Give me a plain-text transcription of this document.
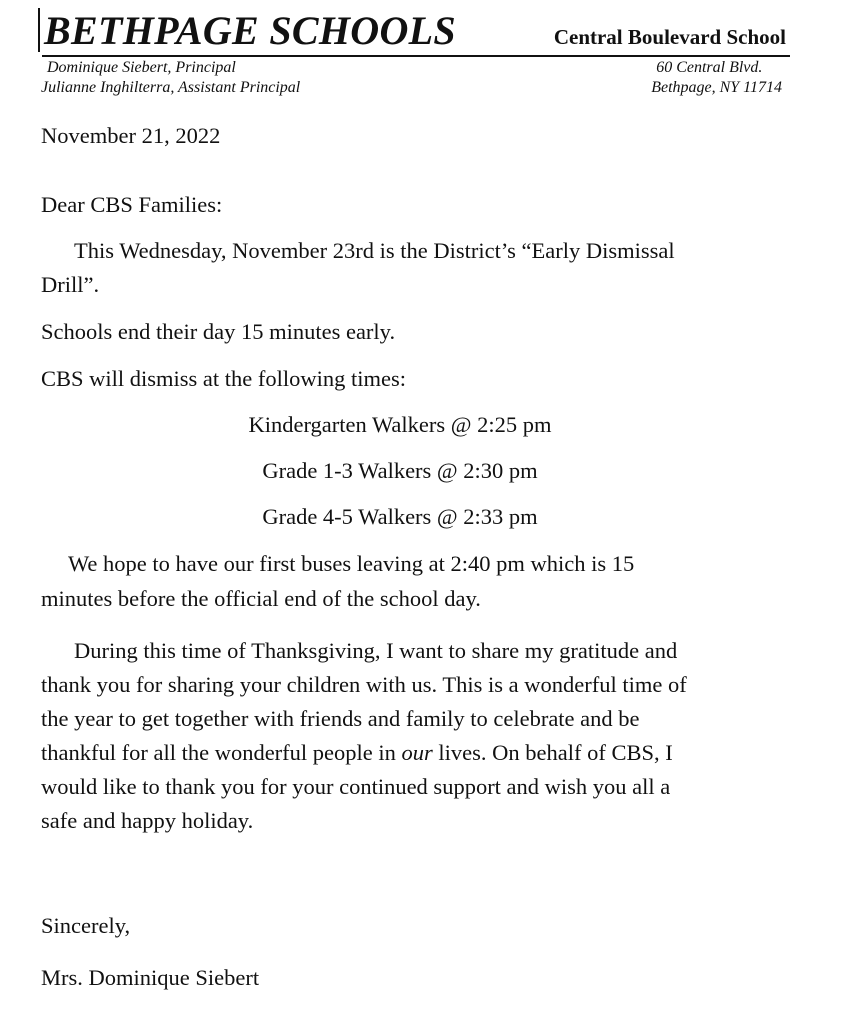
BETHPAGE SCHOOLS	Central Boulevard School
Dominique Siebert, Principal
Julianne Inghilterra, Assistant Principal
60 Central Blvd.
Bethpage, NY 11714
November 21, 2022
Dear CBS Families:
This Wednesday, November 23rd is the District’s “Early Dismissal
Drill”.
Schools end their day 15 minutes early.
CBS will dismiss at the following times:
Kindergarten Walkers @ 2:25 pm
Grade 1-3 Walkers @ 2:30 pm
Grade 4-5 Walkers @ 2:33 pm
We hope to have our first buses leaving at 2:40 pm which is 15
minutes before the official end of the school day.
During this time of Thanksgiving, I want to share my gratitude and
thank you for sharing your children with us. This is a wonderful time of
the year to get together with friends and family to celebrate and be
thankful for all the wonderful people in our lives. On behalf of CBS, I
would like to thank you for your continued support and wish you all a
safe and happy holiday.
Sincerely,
Mrs. Dominique Siebert
